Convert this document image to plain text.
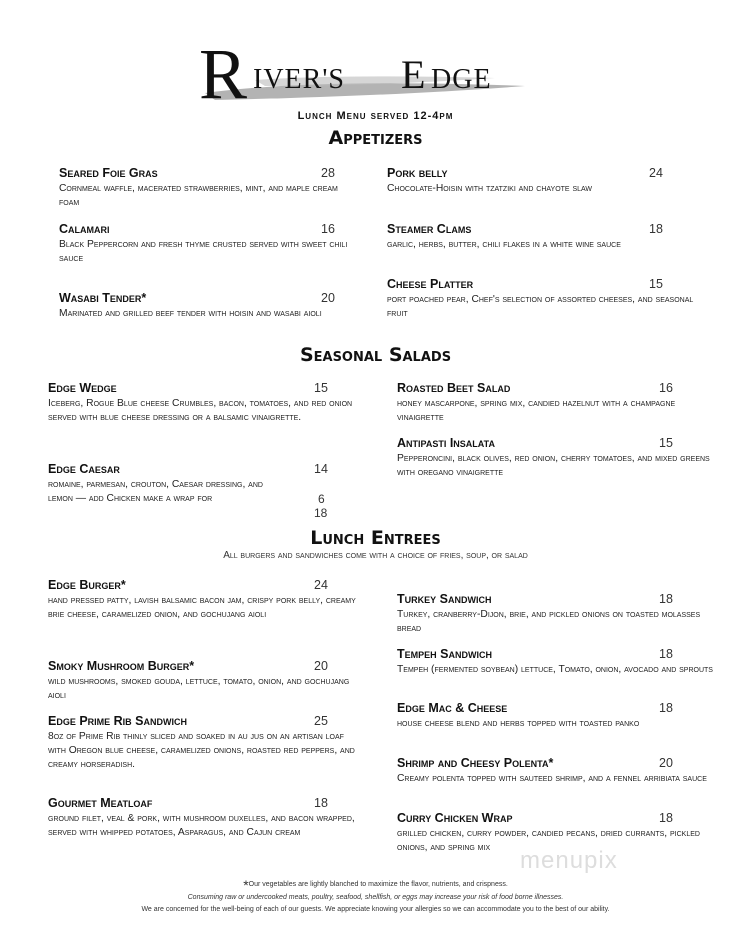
R IVER'S E DGE
Lunch Menu served 12-4pm
Appetizers
Seasonal Salads
Lunch Entrees
All burgers and sandwiches come with a choice of fries, soup, or salad
Seared Foie Gras	28
Cornmeal waffle, macerated strawberries, mint, and maple cream foam
Calamari	16
Black Peppercorn and fresh thyme crusted served with sweet chili sauce
Wasabi Tender*	20
Marinated and grilled beef tender with hoisin and wasabi aioli
Pork belly	24
Chocolate-Hoisin with tzatziki and chayote slaw
Steamer Clams	18
garlic, herbs, butter, chili flakes in a white wine sauce
Cheese Platter	15
port poached pear, Chef's selection of assorted cheeses, and seasonal fruit
Edge Wedge	15
Iceberg, Rogue Blue cheese Crumbles, bacon, tomatoes, and red onion served with blue cheese dressing or a balsamic vinaigrette.
Edge Caesar	14
romaine, parmesan, crouton, Caesar dressing, and lemon — add Chicken make a wrap for	6
18
Roasted Beet Salad	16
honey mascarpone, spring mix, candied hazelnut with a champagne vinaigrette
Antipasti Insalata	15
Pepperoncini, black olives, red onion, cherry tomatoes, and mixed greens with oregano vinaigrette
Edge Burger*	24
hand pressed patty, lavish balsamic bacon jam, crispy pork belly, creamy brie cheese, caramelized onion, and gochujang aioli
Smoky Mushroom Burger*	20
wild mushrooms, smoked gouda, lettuce, tomato, onion, and gochujang aioli
Edge Prime Rib Sandwich	25
8oz of Prime Rib thinly sliced and soaked in au jus on an artisan loaf with Oregon blue cheese, caramelized onions, roasted red peppers, and creamy horseradish.
Gourmet Meatloaf	18
ground filet, veal & pork, with mushroom duxelles, and bacon wrapped, served with whipped potatoes, Asparagus, and Cajun cream
Turkey Sandwich	18
Turkey, cranberry-Dijon, brie, and pickled onions on toasted molasses bread
Tempeh Sandwich	18
Tempeh (fermented soybean) lettuce, Tomato, onion, avocado and sprouts
Edge Mac & Cheese	18
house cheese blend and herbs topped with toasted panko
Shrimp and Cheesy Polenta*	20
Creamy polenta topped with sauteed shrimp, and a fennel arribiata sauce
Curry Chicken Wrap	18
grilled chicken, curry powder, candied pecans, dried currants, pickled onions, and spring mix
*Our vegetables are lightly blanched to maximize the flavor, nutrients, and crispness.
Consuming raw or undercooked meats, poultry, seafood, shellfish, or eggs may increase your risk of food borne illnesses.
We are concerned for the well-being of each of our guests. We appreciate knowing your allergies so we can accommodate you to the best of our ability.
menupix
